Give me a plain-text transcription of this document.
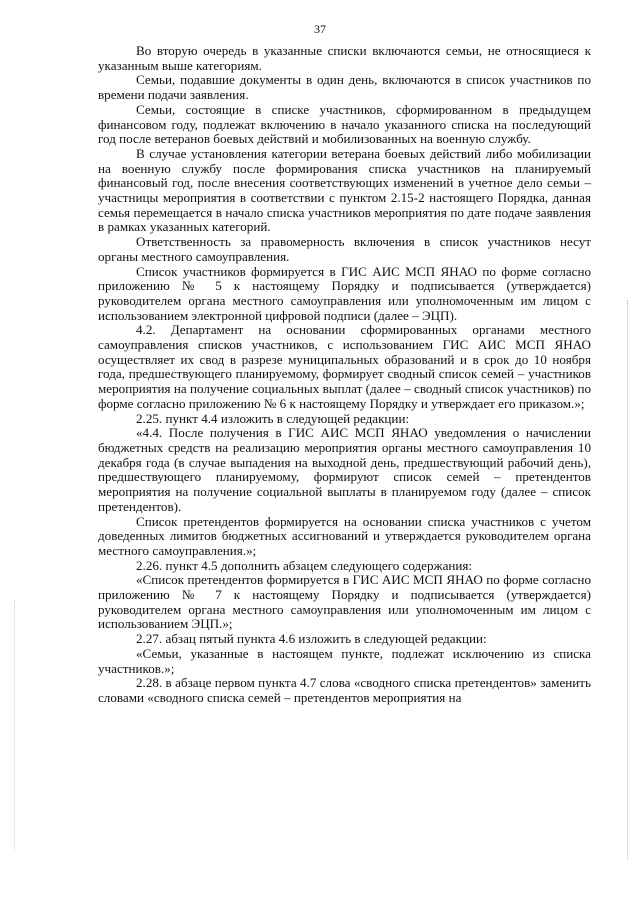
37

Во вторую очередь в указанные списки включаются семьи, не относящиеся к указанным выше категориям.

Семьи, подавшие документы в один день, включаются в список участников по времени подачи заявления.

Семьи, состоящие в списке участников, сформированном в предыдущем финансовом году, подлежат включению в начало указанного списка на последующий год после ветеранов боевых действий и мобилизованных на военную службу.

В случае установления категории ветерана боевых действий либо мобилизации на военную службу после формирования списка участников на планируемый финансовый год, после внесения соответствующих изменений в учетное дело семьи – участницы мероприятия в соответствии с пунктом 2.15-2 настоящего Порядка, данная семья перемещается в начало списка участников мероприятия по дате подаче заявления в рамках указанных категорий.

Ответственность за правомерность включения в список участников несут органы местного самоуправления.

Список участников формируется в ГИС АИС МСП ЯНАО по форме согласно приложению № 5 к настоящему Порядку и подписывается (утверждается) руководителем органа местного самоуправления или уполномоченным им лицом с использованием электронной цифровой подписи (далее – ЭЦП).

4.2. Департамент на основании сформированных органами местного самоуправления списков участников, с использованием ГИС АИС МСП ЯНАО осуществляет их свод в разрезе муниципальных образований и в срок до 10 ноября года, предшествующего планируемому, формирует сводный список семей – участников мероприятия на получение социальных выплат (далее – сводный список участников) по форме согласно приложению № 6 к настоящему Порядку и утверждает его приказом.»;

2.25. пункт 4.4 изложить в следующей редакции:

«4.4. После получения в ГИС АИС МСП ЯНАО уведомления о начислении бюджетных средств на реализацию мероприятия органы местного самоуправления 10 декабря года (в случае выпадения на выходной день, предшествующий рабочий день), предшествующего планируемому, формируют список семей – претендентов мероприятия на получение социальной выплаты в планируемом году (далее – список претендентов).

Список претендентов формируется на основании списка участников с учетом доведенных лимитов бюджетных ассигнований и утверждается руководителем органа местного самоуправления.»;

2.26. пункт 4.5 дополнить абзацем следующего содержания:

«Список претендентов формируется в ГИС АИС МСП ЯНАО по форме согласно приложению № 7 к настоящему Порядку и подписывается (утверждается) руководителем органа местного самоуправления или уполномоченным им лицом с использованием ЭЦП.»;

2.27. абзац пятый пункта 4.6 изложить в следующей редакции:

«Семьи, указанные в настоящем пункте, подлежат исключению из списка участников.»;

2.28. в абзаце первом пункта 4.7 слова «сводного списка претендентов» заменить словами «сводного списка семей – претендентов мероприятия на
